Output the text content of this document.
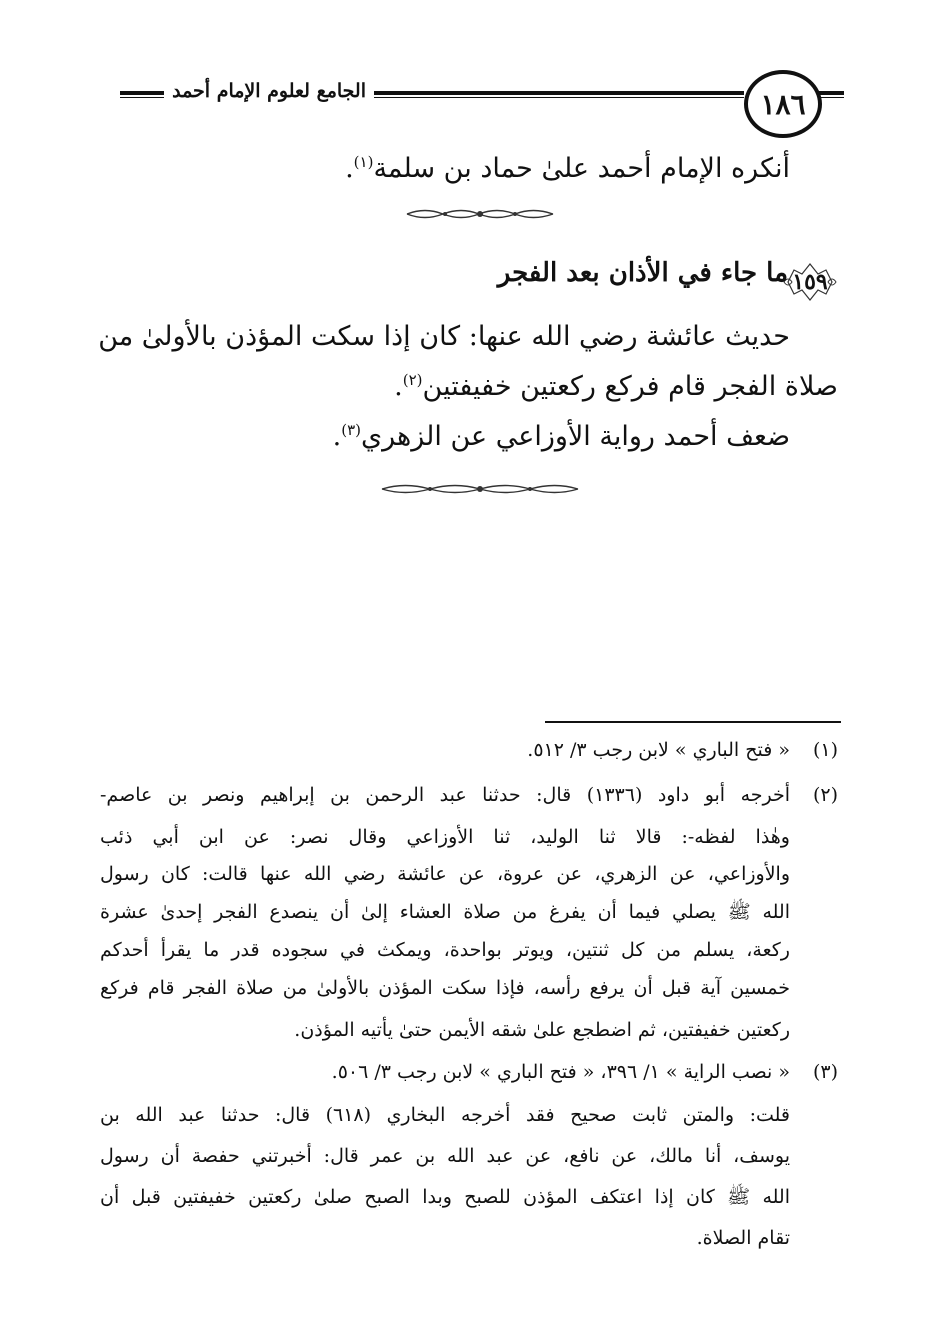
الجامع لعلوم الإمام أحمد	١٨٦
أنكره الإمام أحمد علىٰ حماد بن سلمة$^{(١)}$.
١٥٩
ما جاء في الأذان بعد الفجر
حديث عائشة رضي الله عنها: كان إذا سكت المؤذن بالأولىٰ من
صلاة الفجر قام فركع ركعتين خفيفتين$^{(٢)}$.
ضعف أحمد رواية الأوزاعي عن الزهري$^{(٣)}$.
(١)
« فتح الباري » لابن رجب ٣/ ٥١٢.
(٢)
أخرجه أبو داود (١٣٣٦) قال: حدثنا عبد الرحمن بن إبراهيم ونصر بن عاصم-
وهٰذا لفظه-: قالا ثنا الوليد، ثنا الأوزاعي وقال نصر: عن ابن أبي ذئب
والأوزاعي، عن الزهري، عن عروة، عن عائشة رضي الله عنها قالت: كان رسول
الله ﷺ يصلي فيما أن يفرغ من صلاة العشاء إلىٰ أن ينصدع الفجر إحدىٰ عشرة
ركعة، يسلم من كل ثنتين، ويوتر بواحدة، ويمكث في سجوده قدر ما يقرأ أحدكم
خمسين آية قبل أن يرفع رأسه، فإذا سكت المؤذن بالأولىٰ من صلاة الفجر قام فركع
ركعتين خفيفتين، ثم اضطجع علىٰ شقه الأيمن حتىٰ يأتيه المؤذن.
(٣)
« نصب الراية » ١/ ٣٩٦، « فتح الباري » لابن رجب ٣/ ٥٠٦.
قلت: والمتن ثابت صحيح فقد أخرجه البخاري (٦١٨) قال: حدثنا عبد الله بن
يوسف، أنا مالك، عن نافع، عن عبد الله بن عمر قال: أخبرتني حفصة أن رسول
الله ﷺ كان إذا اعتكف المؤذن للصبح وبدا الصبح صلىٰ ركعتين خفيفتين قبل أن
تقام الصلاة.
